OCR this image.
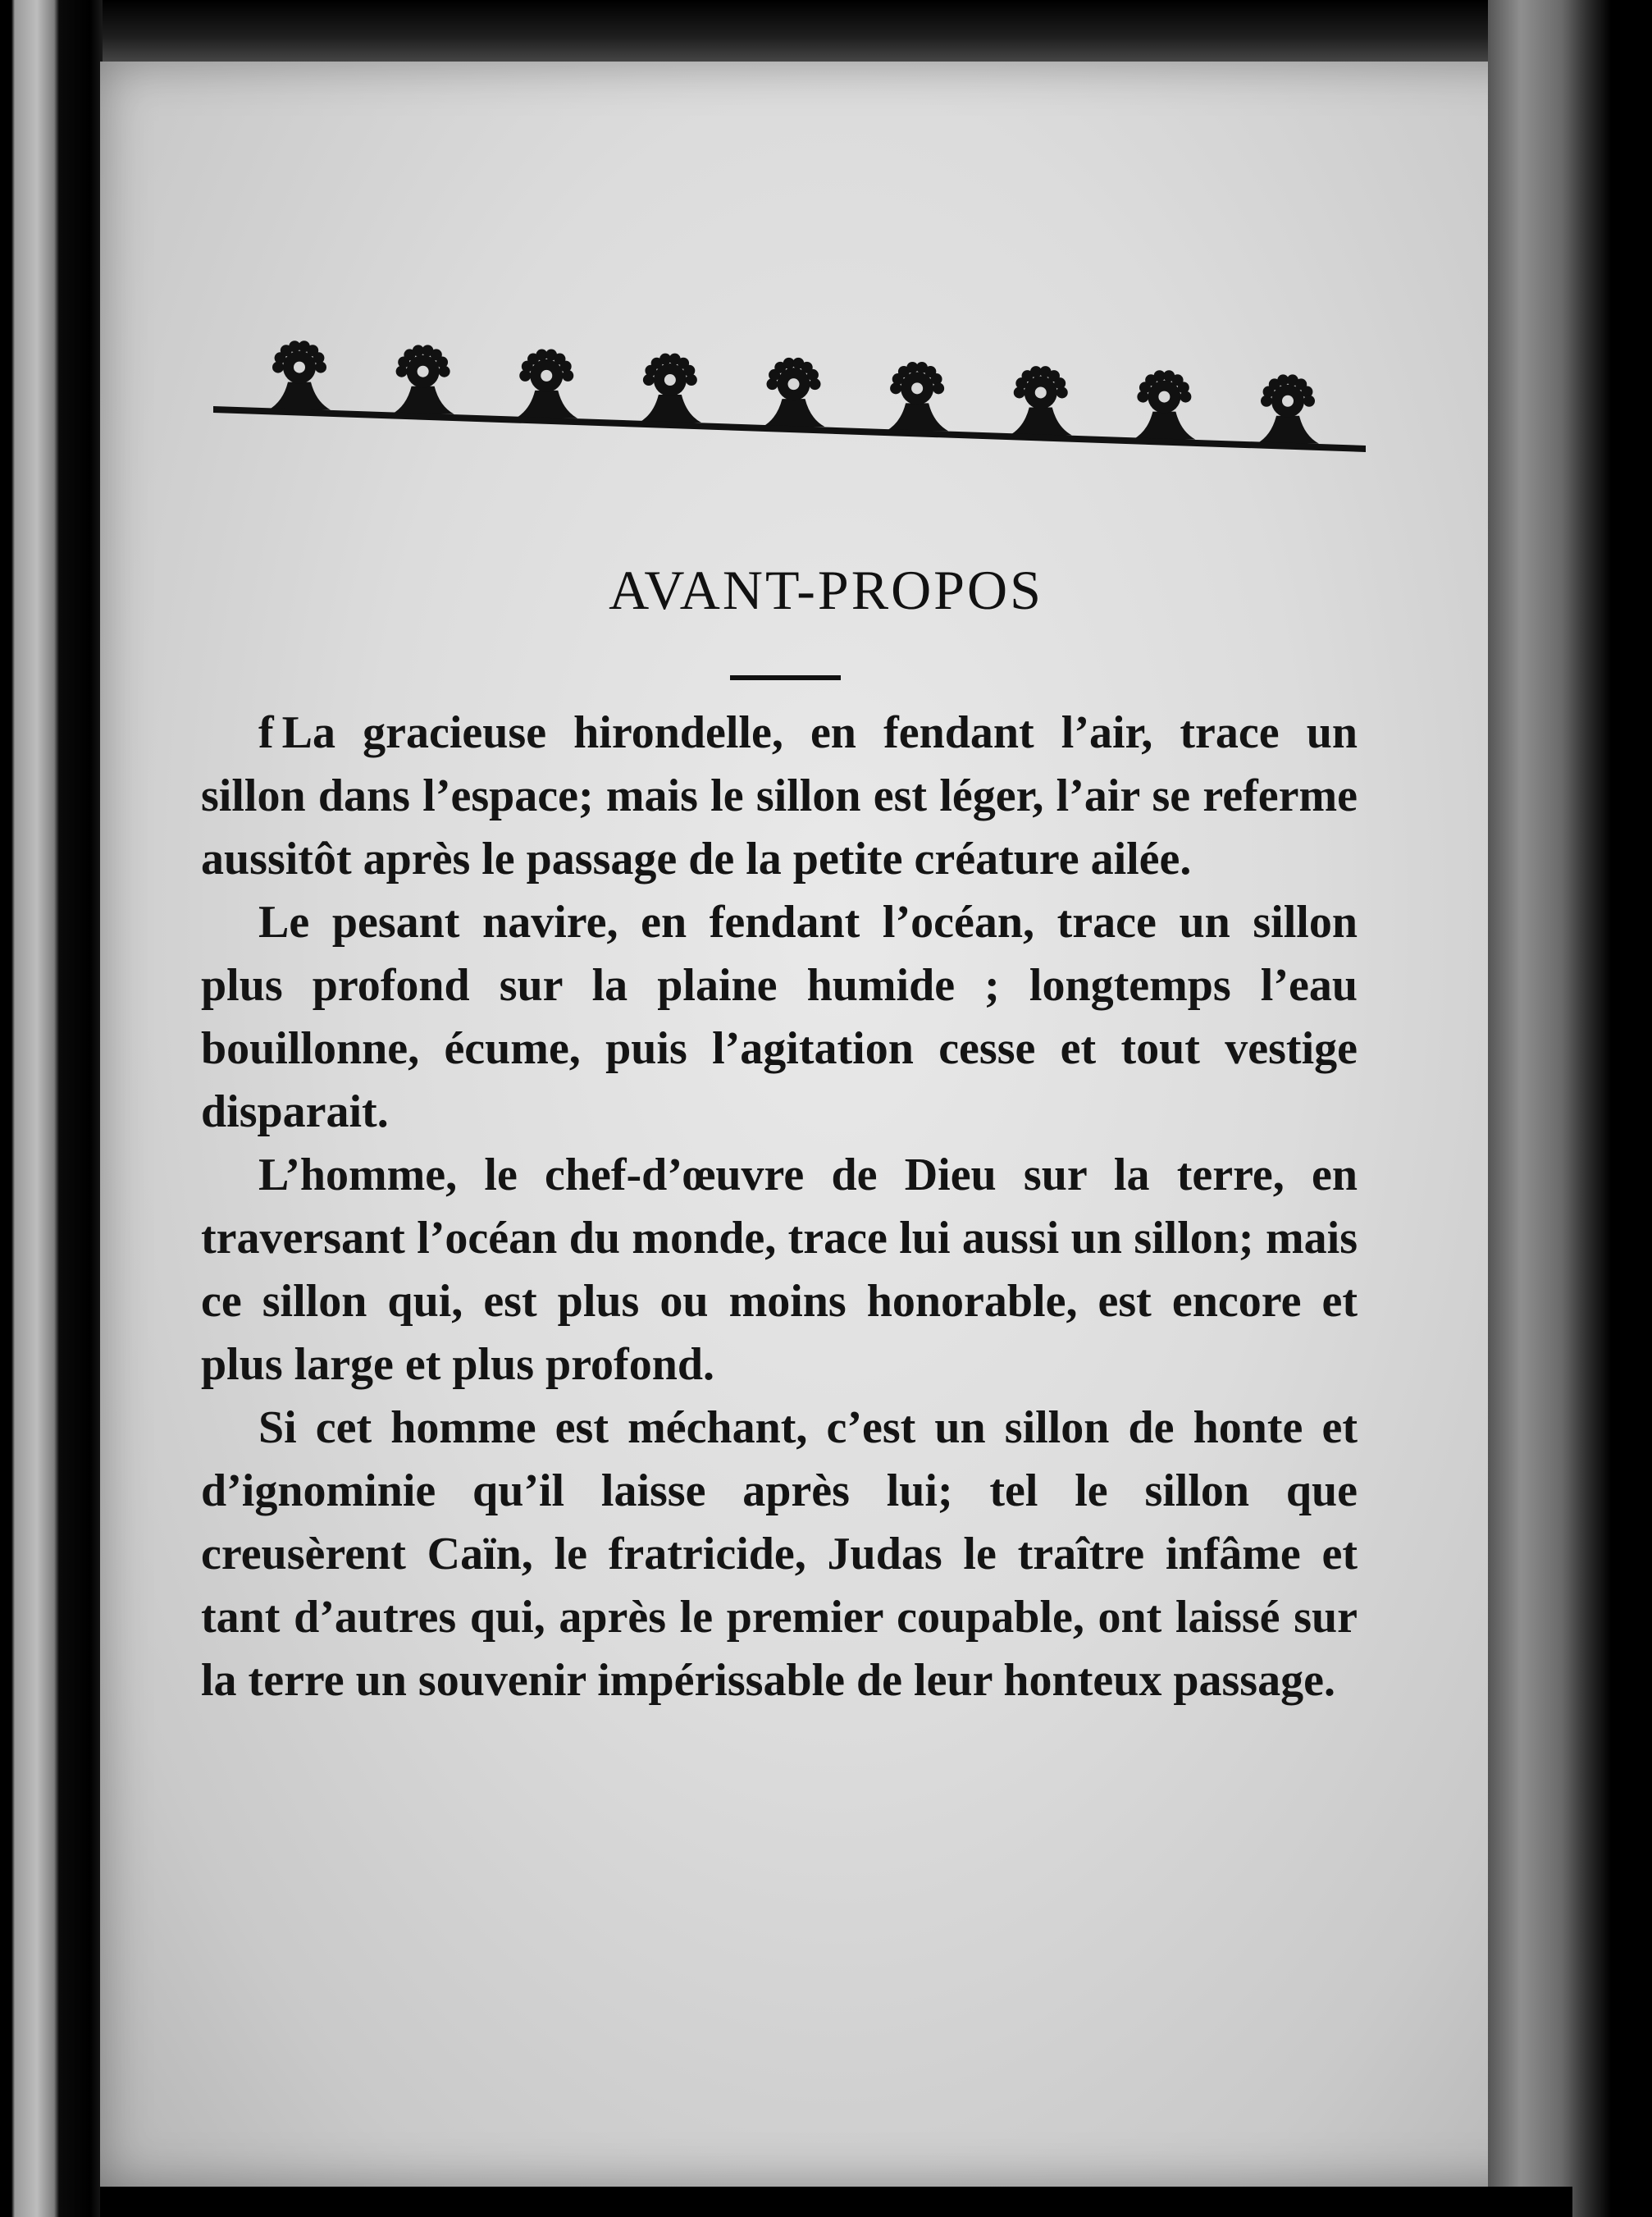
AVANT-PROPOS

f La gracieuse hirondelle, en fendant l’air, trace un sillon dans l’espace; mais le sillon est léger, l’air se referme aussitôt après le passage de la petite créature ailée.

Le pesant navire, en fendant l’océan, trace un sillon plus profond sur la plaine humide ; longtemps l’eau bouillonne, écume, puis l’agitation cesse et tout vestige disparait.

L’homme, le chef-d’œuvre de Dieu sur la terre, en traversant l’océan du monde, trace lui aussi un sillon; mais ce sillon qui, est plus ou moins honorable, est encore et plus large et plus profond.

Si cet homme est méchant, c’est un sillon de honte et d’ignominie qu’il laisse après lui; tel le sillon que creusèrent Caïn, le fratricide, Judas le traître infâme et tant d’autres qui, après le premier coupable, ont laissé sur la terre un souvenir impérissable de leur honteux passage.
